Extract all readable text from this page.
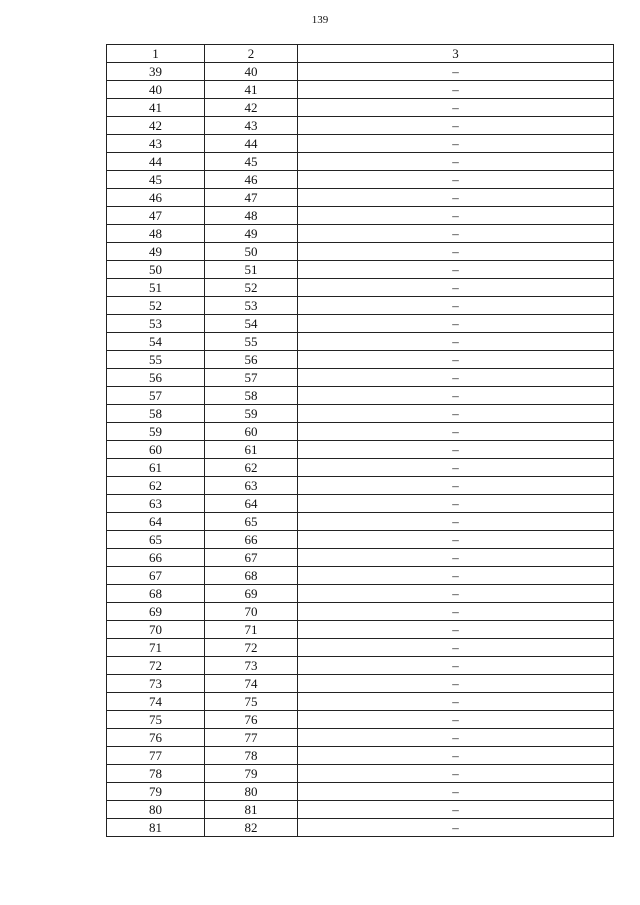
139
1	2	3
39	40	–
40	41	–
41	42	–
42	43	–
43	44	–
44	45	–
45	46	–
46	47	–
47	48	–
48	49	–
49	50	–
50	51	–
51	52	–
52	53	–
53	54	–
54	55	–
55	56	–
56	57	–
57	58	–
58	59	–
59	60	–
60	61	–
61	62	–
62	63	–
63	64	–
64	65	–
65	66	–
66	67	–
67	68	–
68	69	–
69	70	–
70	71	–
71	72	–
72	73	–
73	74	–
74	75	–
75	76	–
76	77	–
77	78	–
78	79	–
79	80	–
80	81	–
81	82	–
